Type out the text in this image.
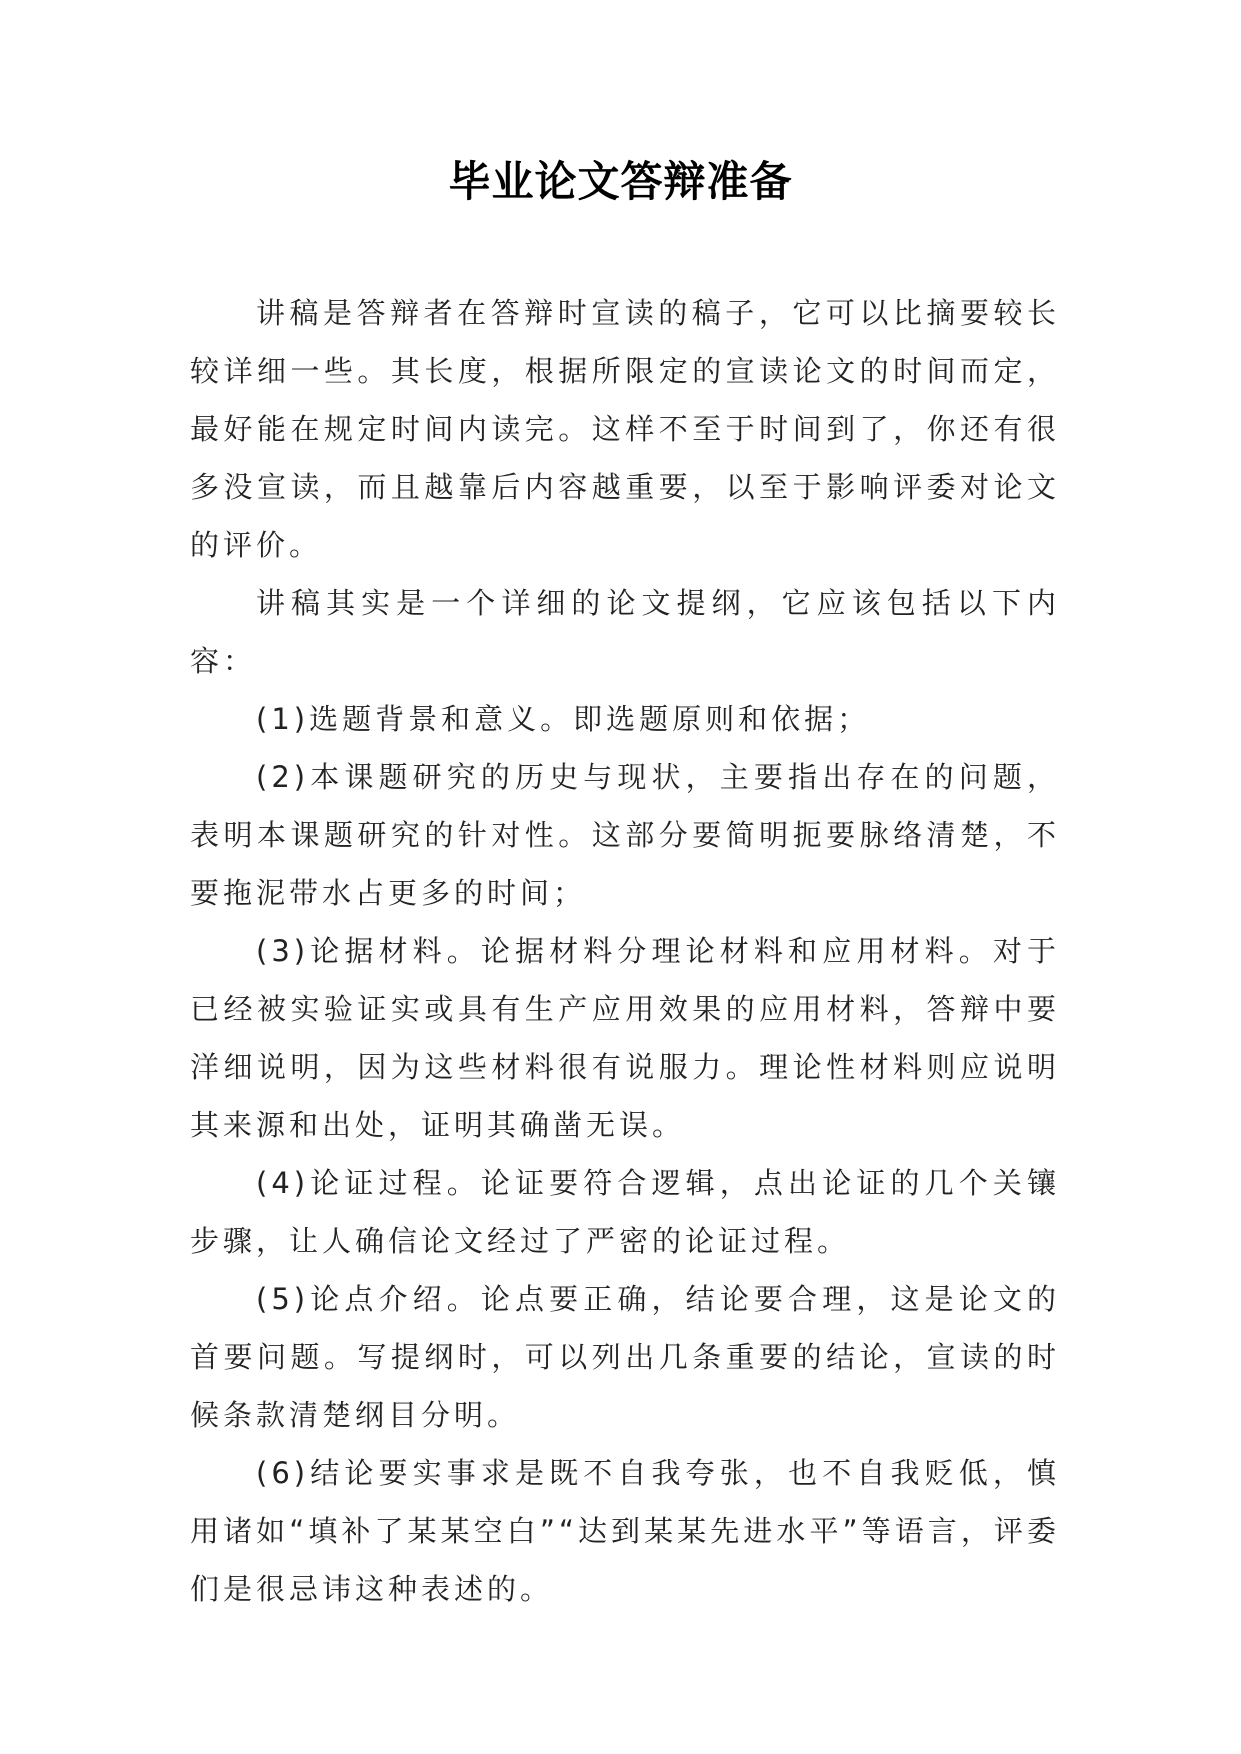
毕业论文答辩准备

讲稿是答辩者在答辩时宣读的稿子，它可以比摘要较长较详细一些。其长度，根据所限定的宣读论文的时间而定，最好能在规定时间内读完。这样不至于时间到了，你还有很多没宣读，而且越靠后内容越重要，以至于影响评委对论文的评价。

讲稿其实是一个详细的论文提纲，它应该包括以下内容：

(1)选题背景和意义。即选题原则和依据；

(2)本课题研究的历史与现状，主要指出存在的问题，表明本课题研究的针对性。这部分要简明扼要脉络清楚，不要拖泥带水占更多的时间；

(3)论据材料。论据材料分理论材料和应用材料。对于已经被实验证实或具有生产应用效果的应用材料，答辩中要洋细说明，因为这些材料很有说服力。理论性材料则应说明其来源和出处，证明其确凿无误。

(4)论证过程。论证要符合逻辑，点出论证的几个关镶步骤，让人确信论文经过了严密的论证过程。

(5)论点介绍。论点要正确，结论要合理，这是论文的首要问题。写提纲时，可以列出几条重要的结论，宣读的时候条款清楚纲目分明。

(6)结论要实事求是既不自我夸张，也不自我贬低，慎用诸如“填补了某某空白”“达到某某先进水平”等语言，评委们是很忌讳这种表述的。
